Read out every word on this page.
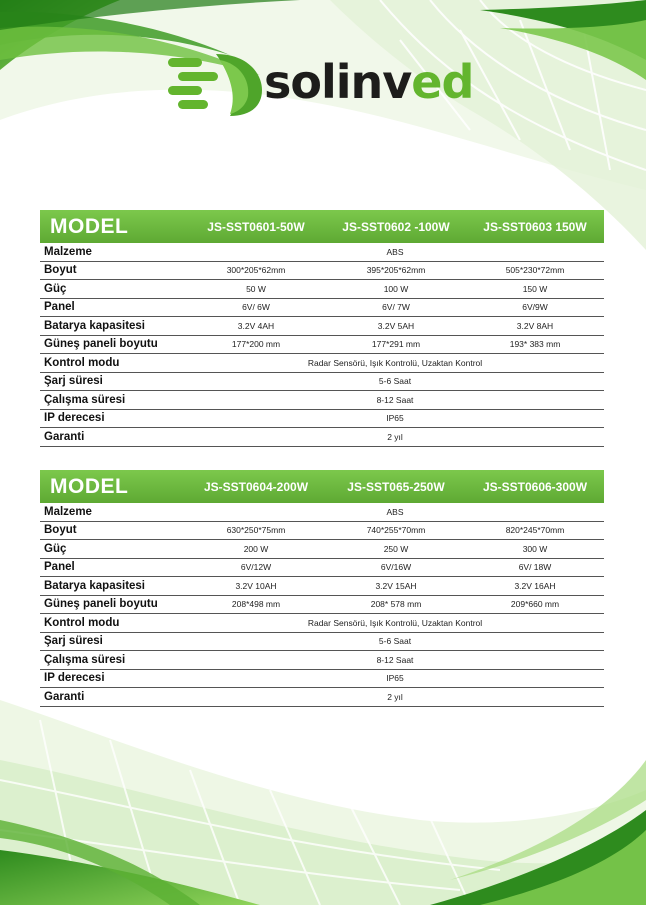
solinved
MODEL	JS-SST0601-50W	JS-SST0602 -100W	JS-SST0603 150W
Malzeme	ABS
Boyut	300*205*62mm	395*205*62mm	505*230*72mm
Güç	50 W	100 W	150 W
Panel	6V/ 6W	6V/ 7W	6V/9W
Batarya kapasitesi	3.2V 4AH	3.2V 5AH	3.2V 8AH
Güneş paneli boyutu	177*200 mm	177*291 mm	193* 383 mm
Kontrol modu	Radar Sensörü, Işık Kontrolü, Uzaktan Kontrol
Şarj süresi	5-6 Saat
Çalışma süresi	8-12 Saat
IP derecesi	IP65
Garanti	2 yıl
MODEL	JS-SST0604-200W	JS-SST065-250W	JS-SST0606-300W
Malzeme	ABS
Boyut	630*250*75mm	740*255*70mm	820*245*70mm
Güç	200 W	250 W	300 W
Panel	6V/12W	6V/16W	6V/ 18W
Batarya kapasitesi	3.2V 10AH	3.2V 15AH	3.2V 16AH
Güneş paneli boyutu	208*498 mm	208* 578 mm	209*660 mm
Kontrol modu	Radar Sensörü, Işık Kontrolü, Uzaktan Kontrol
Şarj süresi	5-6 Saat
Çalışma süresi	8-12 Saat
IP derecesi	IP65
Garanti	2 yıl
